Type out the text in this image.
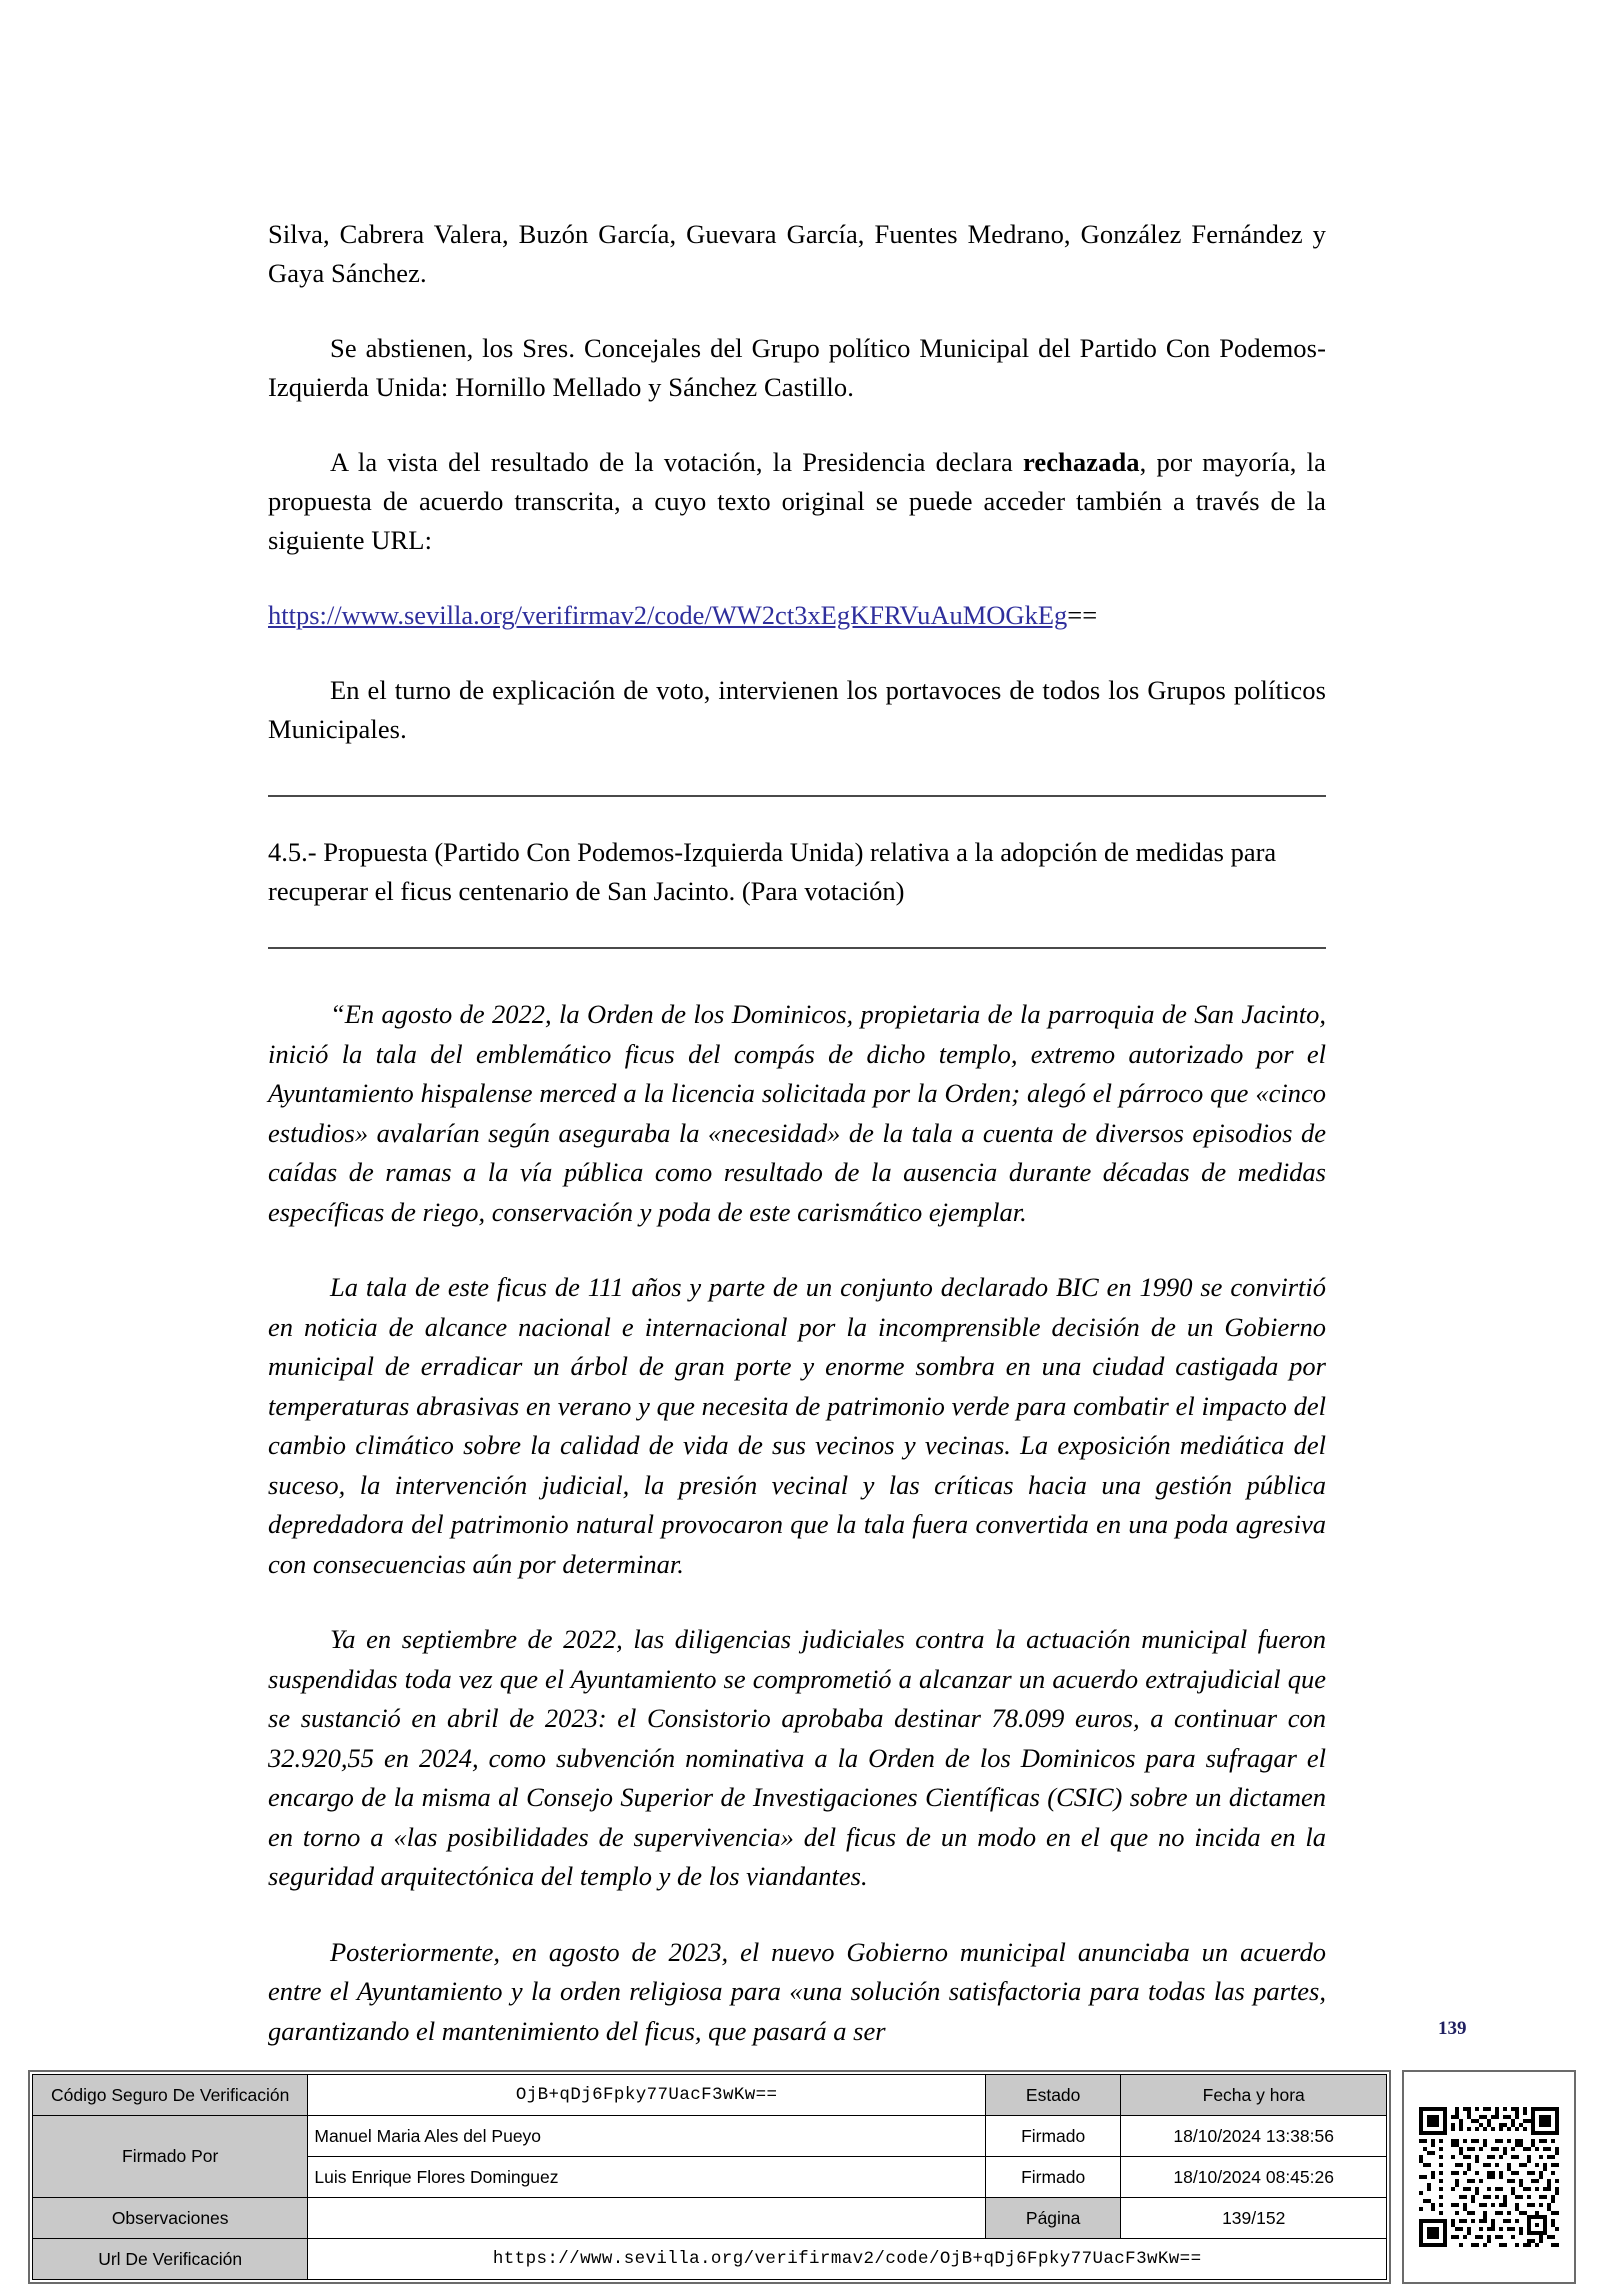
Silva, Cabrera Valera, Buzón García, Guevara García, Fuentes Medrano, González Fernández y Gaya Sánchez.

Se abstienen, los Sres. Concejales del Grupo político Municipal del Partido Con Podemos-Izquierda Unida: Hornillo Mellado y Sánchez Castillo.

A la vista del resultado de la votación, la Presidencia declara rechazada, por mayoría, la propuesta de acuerdo transcrita, a cuyo texto original se puede acceder también a través de la siguiente URL:

https://www.sevilla.org/verifirmav2/code/WW2ct3xEgKFRVuAuMOGkEg==

En el turno de explicación de voto, intervienen los portavoces de todos los Grupos políticos Municipales.

4.5.- Propuesta (Partido Con Podemos-Izquierda Unida) relativa a la adopción de medidas para recuperar el ficus centenario de San Jacinto. (Para votación)

“En agosto de 2022, la Orden de los Dominicos, propietaria de la parroquia de San Jacinto, inició la tala del emblemático ficus del compás de dicho templo, extremo autorizado por el Ayuntamiento hispalense merced a la licencia solicitada por la Orden; alegó el párroco que «cinco estudios» avalarían según aseguraba la «necesidad» de la tala a cuenta de diversos episodios de caídas de ramas a la vía pública como resultado de la ausencia durante décadas de medidas específicas de riego, conservación y poda de este carismático ejemplar.

La tala de este ficus de 111 años y parte de un conjunto declarado BIC en 1990 se convirtió en noticia de alcance nacional e internacional por la incomprensible decisión de un Gobierno municipal de erradicar un árbol de gran porte y enorme sombra en una ciudad castigada por temperaturas abrasivas en verano y que necesita de patrimonio verde para combatir el impacto del cambio climático sobre la calidad de vida de sus vecinos y vecinas. La exposición mediática del suceso, la intervención judicial, la presión vecinal y las críticas hacia una gestión pública depredadora del patrimonio natural provocaron que la tala fuera convertida en una poda agresiva con consecuencias aún por determinar.

Ya en septiembre de 2022, las diligencias judiciales contra la actuación municipal fueron suspendidas toda vez que el Ayuntamiento se comprometió a alcanzar un acuerdo extrajudicial que se sustanció en abril de 2023: el Consistorio aprobaba destinar 78.099 euros, a continuar con 32.920,55 en 2024, como subvención nominativa a la Orden de los Dominicos para sufragar el encargo de la misma al Consejo Superior de Investigaciones Científicas (CSIC) sobre un dictamen en torno a «las posibilidades de supervivencia» del ficus de un modo en el que no incida en la seguridad arquitectónica del templo y de los viandantes.

Posteriormente, en agosto de 2023, el nuevo Gobierno municipal anunciaba un acuerdo entre el Ayuntamiento y la orden religiosa para «una solución satisfactoria para todas las partes, garantizando el mantenimiento del ficus, que pasará a ser	139
Código Seguro De Verificación	OjB+qDj6Fpky77UacF3wKw==	Estado	Fecha y hora
Firmado Por	Manuel Maria Ales del Pueyo	Firmado	18/10/2024 13:38:56
	Luis Enrique Flores Dominguez	Firmado	18/10/2024 08:45:26
Observaciones		Página	139/152
Url De Verificación	https://www.sevilla.org/verifirmav2/code/OjB+qDj6Fpky77UacF3wKw==		
